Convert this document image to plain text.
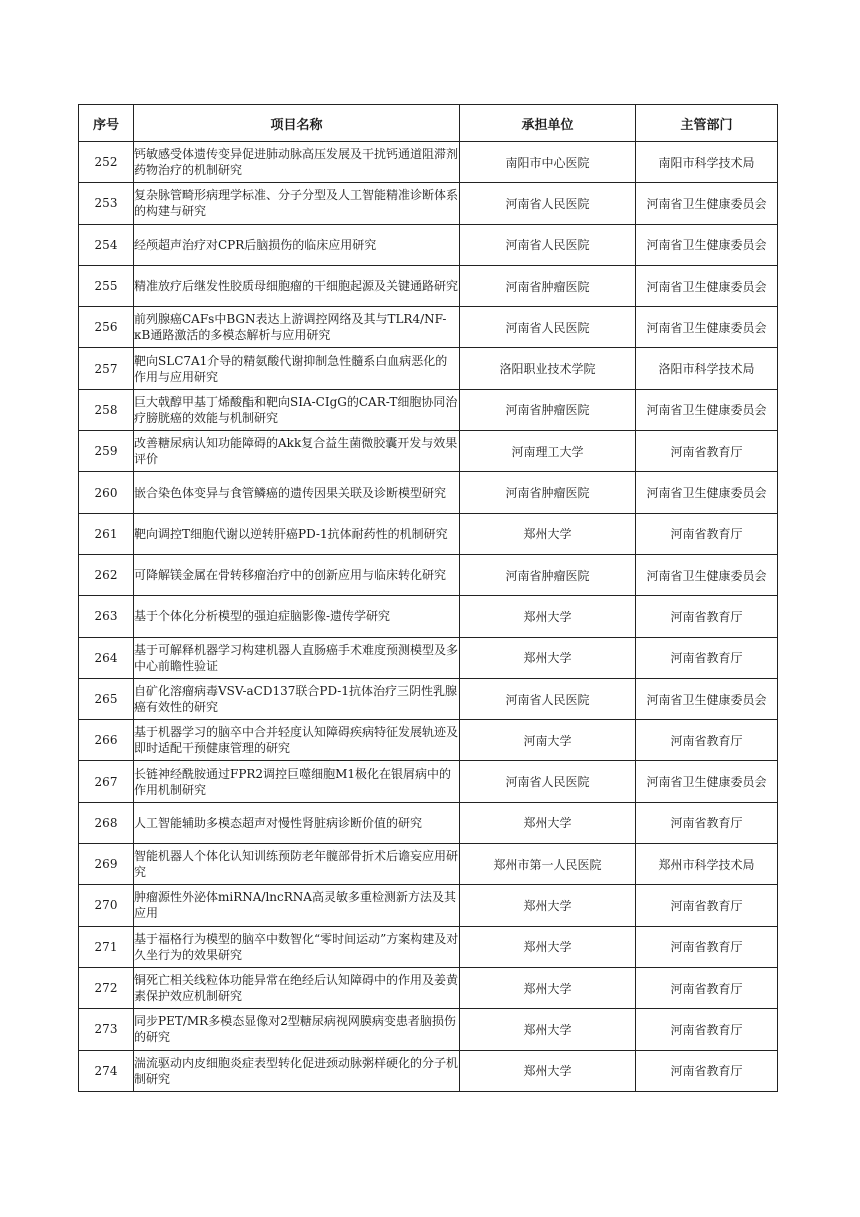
序号	项目名称	承担单位	主管部门
252	钙敏感受体遗传变异促进肺动脉高压发展及干扰钙通道阻滞剂药物治疗的机制研究	南阳市中心医院	南阳市科学技术局
253	复杂脉管畸形病理学标准、分子分型及人工智能精准诊断体系的构建与研究	河南省人民医院	河南省卫生健康委员会
254	经颅超声治疗对CPR后脑损伤的临床应用研究	河南省人民医院	河南省卫生健康委员会
255	精准放疗后继发性胶质母细胞瘤的干细胞起源及关键通路研究	河南省肿瘤医院	河南省卫生健康委员会
256	前列腺癌CAFs中BGN表达上游调控网络及其与TLR4/NF-κB通路激活的多模态解析与应用研究	河南省人民医院	河南省卫生健康委员会
257	靶向SLC7A1介导的精氨酸代谢抑制急性髓系白血病恶化的作用与应用研究	洛阳职业技术学院	洛阳市科学技术局
258	巨大戟醇甲基丁烯酸酯和靶向SIA-CIgG的CAR-T细胞协同治疗膀胱癌的效能与机制研究	河南省肿瘤医院	河南省卫生健康委员会
259	改善糖尿病认知功能障碍的Akk复合益生菌微胶囊开发与效果评价	河南理工大学	河南省教育厅
260	嵌合染色体变异与食管鳞癌的遗传因果关联及诊断模型研究	河南省肿瘤医院	河南省卫生健康委员会
261	靶向调控T细胞代谢以逆转肝癌PD-1抗体耐药性的机制研究	郑州大学	河南省教育厅
262	可降解镁金属在骨转移瘤治疗中的创新应用与临床转化研究	河南省肿瘤医院	河南省卫生健康委员会
263	基于个体化分析模型的强迫症脑影像-遗传学研究	郑州大学	河南省教育厅
264	基于可解释机器学习构建机器人直肠癌手术难度预测模型及多中心前瞻性验证	郑州大学	河南省教育厅
265	自矿化溶瘤病毒VSV-aCD137联合PD-1抗体治疗三阴性乳腺癌有效性的研究	河南省人民医院	河南省卫生健康委员会
266	基于机器学习的脑卒中合并轻度认知障碍疾病特征发展轨迹及即时适配干预健康管理的研究	河南大学	河南省教育厅
267	长链神经酰胺通过FPR2调控巨噬细胞M1极化在银屑病中的作用机制研究	河南省人民医院	河南省卫生健康委员会
268	人工智能辅助多模态超声对慢性肾脏病诊断价值的研究	郑州大学	河南省教育厅
269	智能机器人个体化认知训练预防老年髋部骨折术后谵妄应用研究	郑州市第一人民医院	郑州市科学技术局
270	肿瘤源性外泌体miRNA/lncRNA高灵敏多重检测新方法及其应用	郑州大学	河南省教育厅
271	基于福格行为模型的脑卒中数智化“零时间运动”方案构建及对久坐行为的效果研究	郑州大学	河南省教育厅
272	铜死亡相关线粒体功能异常在绝经后认知障碍中的作用及姜黄素保护效应机制研究	郑州大学	河南省教育厅
273	同步PET/MR多模态显像对2型糖尿病视网膜病变患者脑损伤的研究	郑州大学	河南省教育厅
274	湍流驱动内皮细胞炎症表型转化促进颈动脉粥样硬化的分子机制研究	郑州大学	河南省教育厅
